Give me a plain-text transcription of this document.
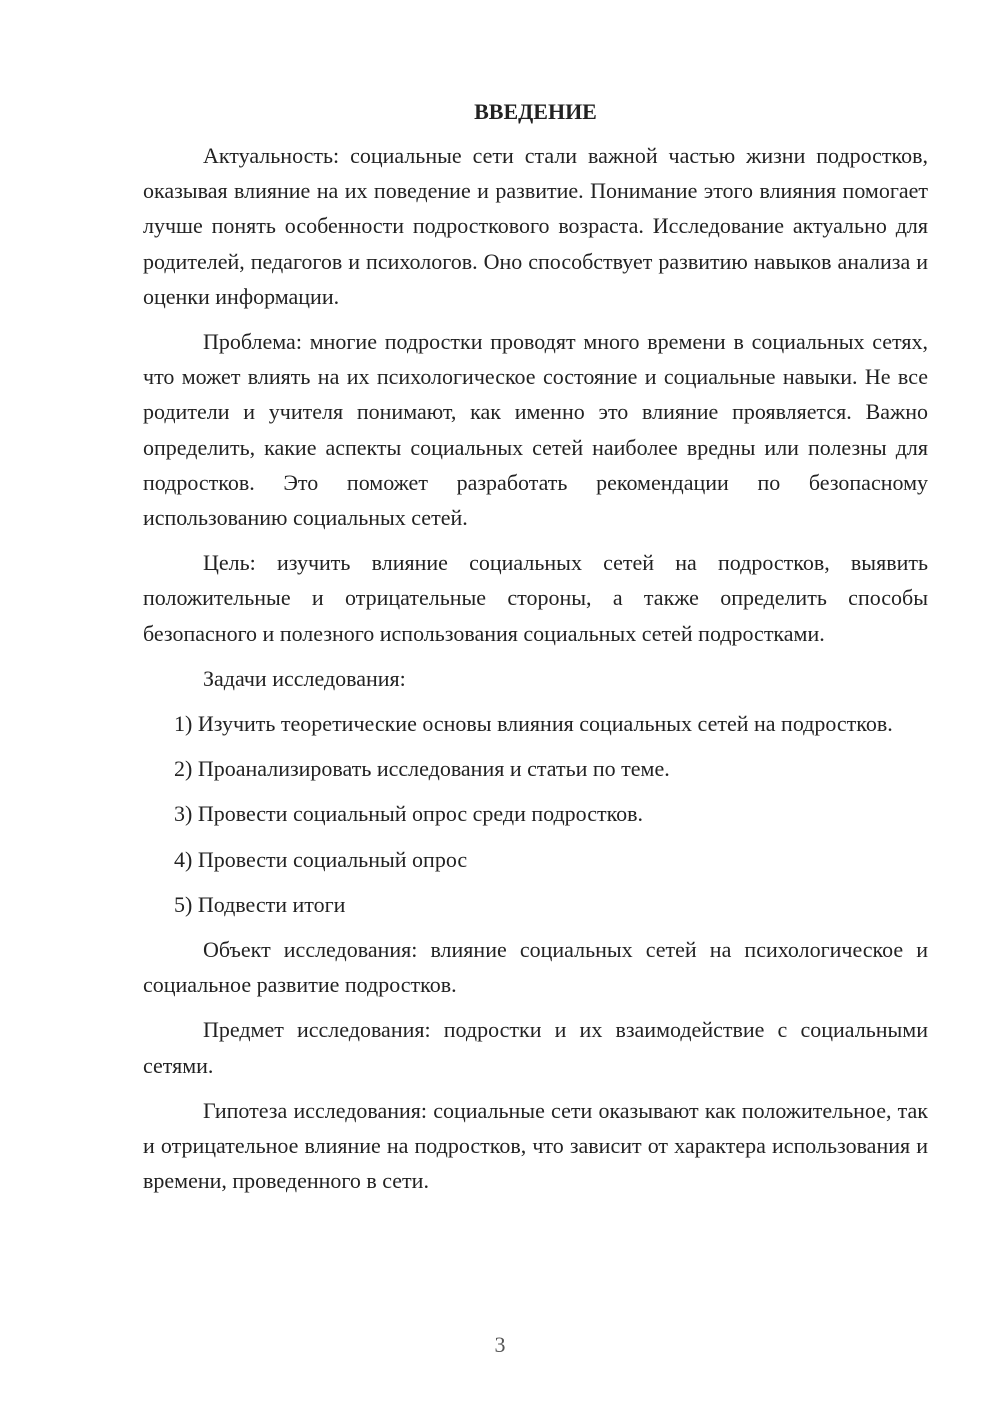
ВВЕДЕНИЕ

Актуальность: социальные сети стали важной частью жизни подростков, оказывая влияние на их поведение и развитие. Понимание этого влияния помогает лучше понять особенности подросткового возраста. Исследование актуально для родителей, педагогов и психологов. Оно способствует развитию навыков анализа и оценки информации.

Проблема: многие подростки проводят много времени в социальных сетях, что может влиять на их психологическое состояние и социальные навыки. Не все родители и учителя понимают, как именно это влияние проявляется. Важно определить, какие аспекты социальных сетей наиболее вредны или полезны для подростков. Это поможет разработать рекомендации по безопасному использованию социальных сетей.

Цель: изучить влияние социальных сетей на подростков, выявить положительные и отрицательные стороны, а также определить способы безопасного и полезного использования социальных сетей подростками.

Задачи исследования:

1) Изучить теоретические основы влияния социальных сетей на подростков.

2) Проанализировать исследования и статьи по теме.

3) Провести социальный опрос среди подростков.

4) Провести социальный опрос

5) Подвести итоги

Объект исследования: влияние социальных сетей на психологическое и социальное развитие подростков.

Предмет исследования: подростки и их взаимодействие с социальными сетями.

Гипотеза исследования: социальные сети оказывают как положительное, так и отрицательное влияние на подростков, что зависит от характера использования и времени, проведенного в сети.

3
